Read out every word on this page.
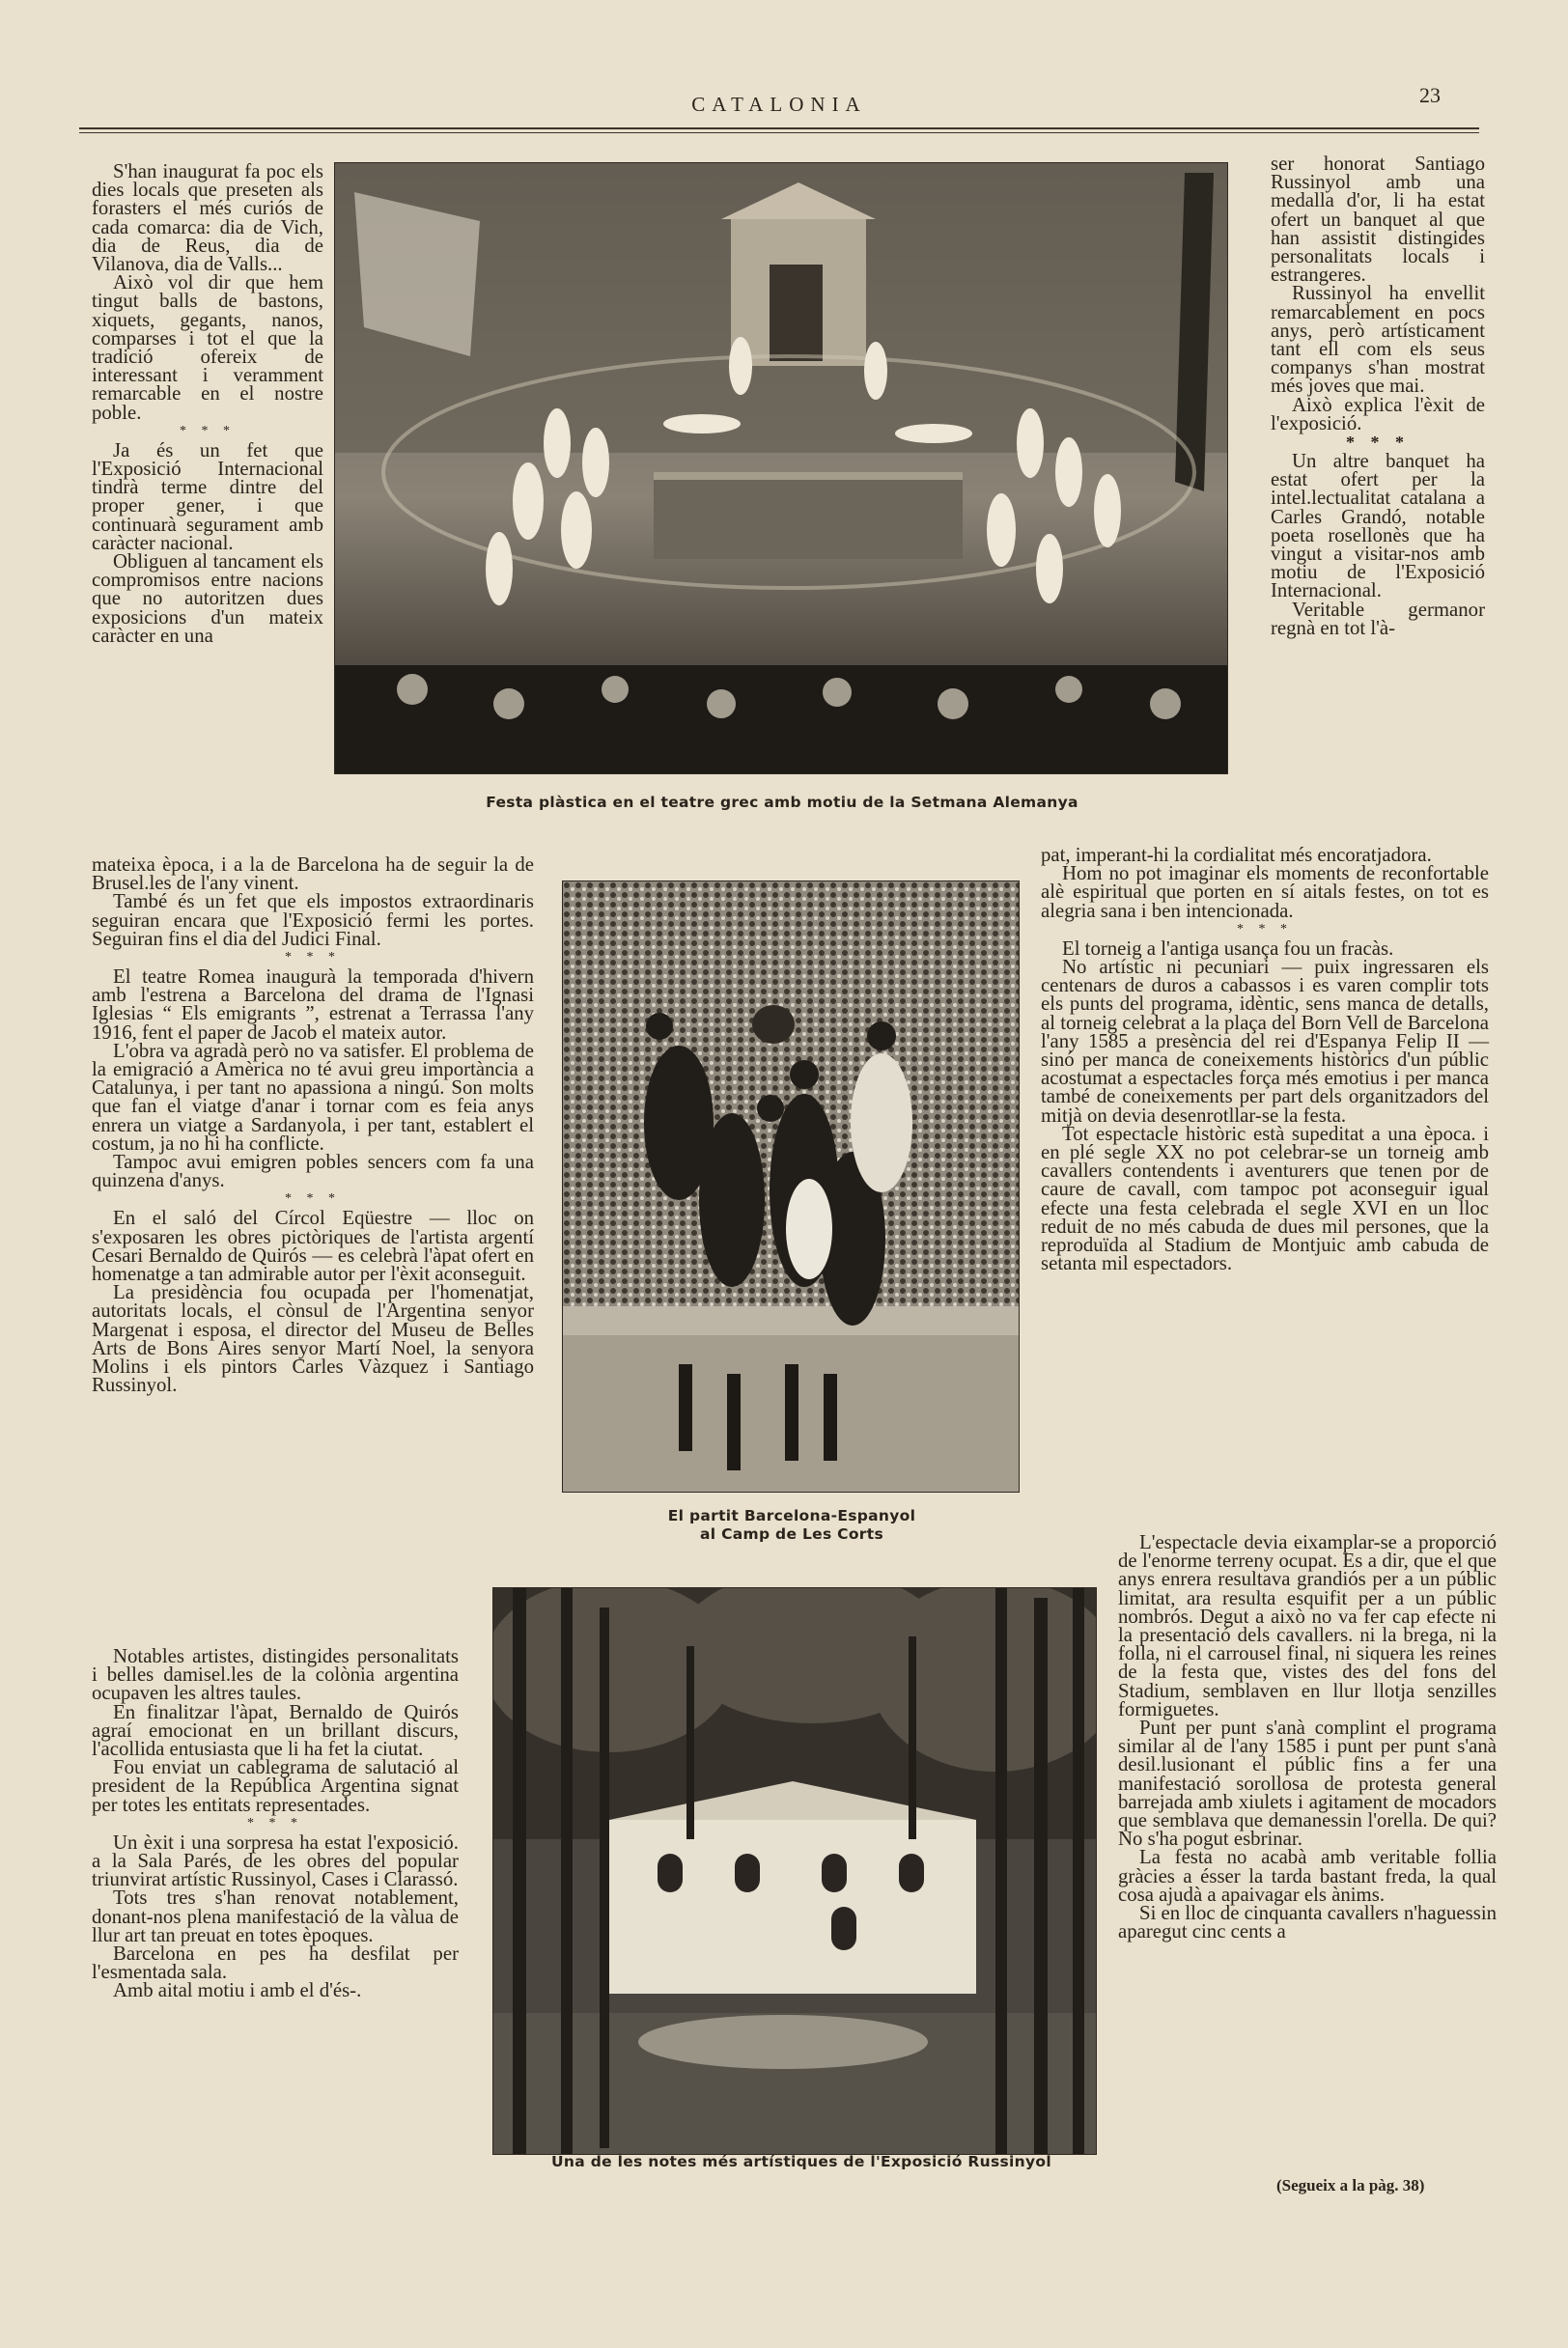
CATALONIA	23

S'han inaugurat fa poc els dies locals que preseten als forasters el més curiós de cada comarca: dia de Vich, dia de Reus, dia de Vilanova, dia de Valls...

Això vol dir que hem tingut balls de bastons, xiquets, gegants, nanos, comparses i tot el que la tradició ofereix de interessant i veramment remarcable en el nostre poble.

* * *

Ja és un fet que l'Exposició Internacional tindrà terme dintre del proper gener, i que continuarà segurament amb caràcter nacional.

Obliguen al tancament els compromisos entre nacions que no autoritzen dues exposicions d'un mateix caràcter en una

mateixa època, i a la de Barcelona ha de seguir la de Brusel.les de l'any vinent.

També és un fet que els impostos extraordinaris seguiran encara que l'Exposició fermi les portes. Seguiran fins el dia del Judici Final.

* * *

El teatre Romea inaugurà la temporada d'hivern amb l'estrena a Barcelona del drama de l'Ignasi Iglesias “ Els emigrants ”, estrenat a Terrassa l'any 1916, fent el paper de Jacob el mateix autor.

L'obra va agradà però no va satisfer. El problema de la emigració a Amèrica no té avui greu importància a Catalunya, i per tant no apassiona a ningú. Son molts que fan el viatge d'anar i tornar com es feia anys enrera un viatge a Sardanyola, i per tant, establert el costum, ja no hi ha conflicte.

Tampoc avui emigren pobles sencers com fa una quinzena d'anys.

* * *

En el saló del Círcol Eqüestre — lloc on s'exposaren les obres pictòriques de l'artista argentí Cesari Bernaldo de Quirós — es celebrà l'àpat ofert en homenatge a tan admirable autor per l'èxit aconseguit.

La presidència fou ocupada per l'homenatjat, autoritats locals, el cònsul de l'Argentina senyor Margenat i esposa, el director del Museu de Belles Arts de Bons Aires senyor Martí Noel, la senyora Molins i els pintors Carles Vàzquez i Santiago Russinyol.

Notables artistes, distingides personalitats i belles damisel.les de la colònia argentina ocupaven les altres taules.

En finalitzar l'àpat, Bernaldo de Quirós agraí emocionat en un brillant discurs, l'acollida entusiasta que li ha fet la ciutat.

Fou enviat un cablegrama de salutació al president de la República Argentina signat per totes les entitats representades.

* * *

Un èxit i una sorpresa ha estat l'exposició. a la Sala Parés, de les obres del popular triunvirat artístic Russinyol, Cases i Clarassó.

Tots tres s'han renovat notablement, donant-nos plena manifestació de la vàlua de llur art tan preuat en totes èpoques.

Barcelona en pes ha desfilat per l'esmentada sala.

Amb aital motiu i amb el d'és-.

ser honorat Santiago Russinyol amb una medalla d'or, li ha estat ofert un banquet al que han assistit distingides personalitats locals i estrangeres.

Russinyol ha envellit remarcablement en pocs anys, però artísticament tant ell com els seus companys s'han mostrat més joves que mai.

Això explica l'èxit de l'exposició.

* * *

Un altre banquet ha estat ofert per la intel.lectualitat catalana a Carles Grandó, notable poeta rosellonès que ha vingut a visitar-nos amb motiu de l'Exposició Internacional.

Veritable germanor regnà en tot l'à-

pat, imperant-hi la cordialitat més encoratjadora.

Hom no pot imaginar els moments de reconfortable alè espiritual que porten en sí aitals festes, on tot es alegria sana i ben intencionada.

* * *

El torneig a l'antiga usança fou un fracàs.

No artístic ni pecuniari — puix ingressaren els centenars de duros a cabassos i es varen complir tots els punts del programa, idèntic, sens manca de detalls, al torneig celebrat a la plaça del Born Vell de Barcelona l'any 1585 a presència del rei d'Espanya Felip II — sinó per manca de coneixements històrics d'un públic acostumat a espectacles força més emotius i per manca també de coneixements per part dels organitzadors del mitjà on devia desenrotllar-se la festa.

Tot espectacle històric està supeditat a una època. i en plé segle XX no pot celebrar-se un torneig amb cavallers contendents i aventurers que tenen por de caure de cavall, com tampoc pot aconseguir igual efecte una festa celebrada el segle XVI en un lloc reduit de no més cabuda de dues mil persones, que la reproduïda al Stadium de Montjuic amb cabuda de setanta mil espectadors.

L'espectacle devia eixamplar-se a proporció de l'enorme terreny ocupat. Es a dir, que el que anys enrera resultava grandiós per a un públic limitat, ara resulta esquifit per a un públic nombrós. Degut a això no va fer cap efecte ni la presentació dels cavallers. ni la brega, ni la folla, ni el carrousel final, ni siquera les reines de la festa que, vistes des del fons del Stadium, semblaven en llur llotja senzilles formiguetes.

Punt per punt s'anà complint el programa similar al de l'any 1585 i punt per punt s'anà desil.lusionant el públic fins a fer una manifestació sorollosa de protesta general barrejada amb xiulets i agitament de mocadors que semblava que demanessin l'orella. De qui? No s'ha pogut esbrinar.

La festa no acabà amb veritable follia gràcies a ésser la tarda bastant freda, la qual cosa ajudà a apaivagar els ànims.

Si en lloc de cinquanta cavallers n'haguessin aparegut cinc cents a

Festa plàstica en el teatre grec amb motiu de la Setmana Alemanya
El partit Barcelona-Espanyol
al Camp de Les Corts
Una de les notes més artístiques de l'Exposició Russinyol
(Segueix a la pàg. 38)
